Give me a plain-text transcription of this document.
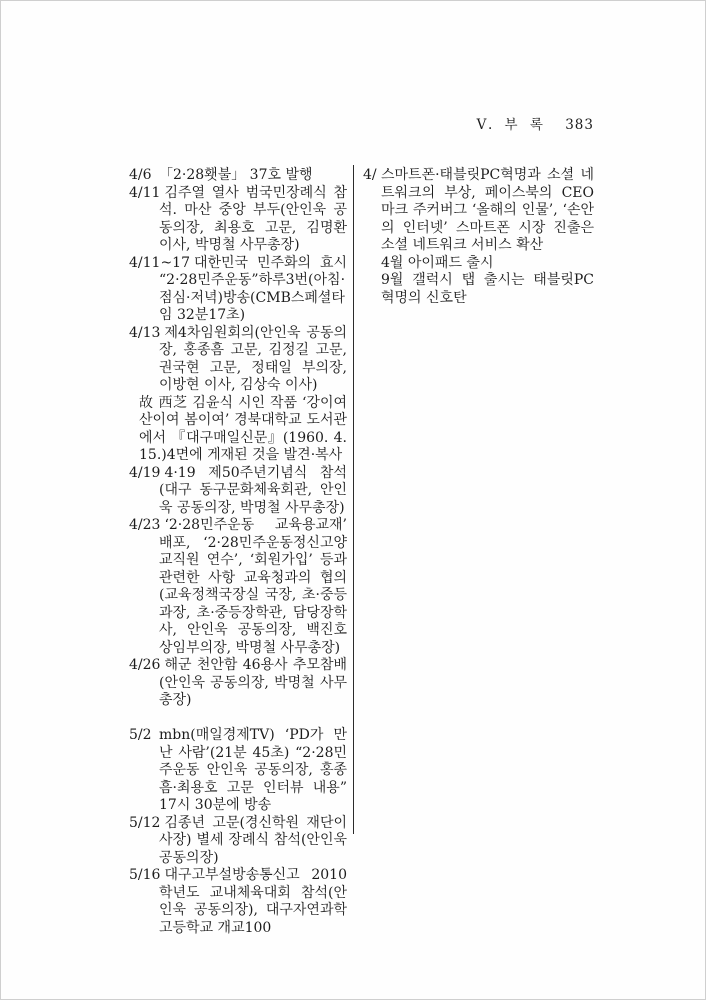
V. 부 록 383
4/6 「2·28횃불」 37호 발행
4/11 김주열 열사 범국민장례식 참석. 마산 중앙 부두(안인욱 공동의장, 최용호 고문, 김명환 이사, 박명철 사무총장)
4/11~17 대한민국 민주화의 효시 “2·28민주운동”하루3번(아침·점심·저녁)방송(CMB스페셜타임 32분17초)
4/13 제4차임원회의(안인욱 공동의장, 홍종흠 고문, 김정길 고문, 권국현 고문, 정태일 부의장, 이방현 이사, 김상숙 이사)
故 西芝 김윤식 시인 작품 ‘강이여 산이여 봄이여’ 경북대학교 도서관에서 『대구매일신문』(1960. 4. 15.)4면에 게재된 것을 발견·복사
4/19 4·19 제50주년기념식 참석(대구 동구문화체육회관, 안인욱 공동의장, 박명철 사무총장)
4/23 ‘2·28민주운동 교육용교재’ 배포, ‘2·28민주운동정신고양 교직원 연수’, ‘회원가입’ 등과 관련한 사항 교육청과의 협의(교육정책국장실 국장, 초·중등과장, 초·중등장학관, 담당장학사, 안인욱 공동의장, 백진호 상임부의장, 박명철 사무총장)
4/26 해군 천안함 46용사 추모참배(안인욱 공동의장, 박명철 사무총장)
5/2 mbn(매일경제TV) ‘PD가 만난 사람’(21분 45초) “2·28민주운동 안인욱 공동의장, 홍종흠·최용호 고문 인터뷰 내용” 17시 30분에 방송
5/12 김종년 고문(경신학원 재단이사장) 별세 장례식 참석(안인욱 공동의장)
5/16 대구고부설방송통신고 2010학년도 교내체육대회 참석(안인욱 공동의장), 대구자연과학고등학교 개교100
4/ 스마트폰·태블릿PC혁명과 소셜 네트워크의 부상, 페이스북의 CEO 마크 주커버그 ‘올해의 인물’, ‘손안의 인터넷’ 스마트폰 시장 진출은 소셜 네트워크 서비스 확산
4월 아이패드 출시
9월 갤럭시 탭 출시는 태블릿PC 혁명의 신호탄
